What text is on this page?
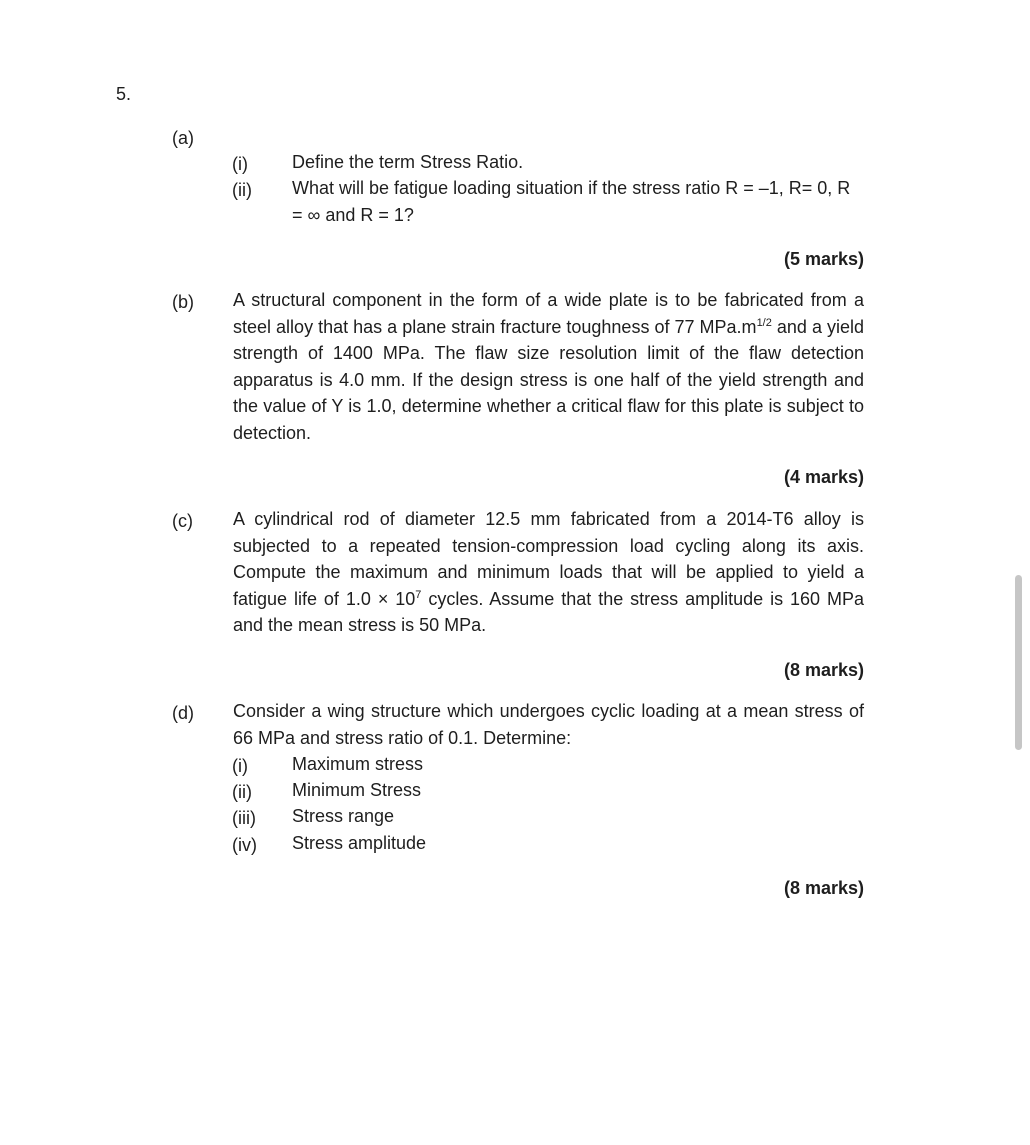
5.
(a)
(i) Define the term Stress Ratio.
(ii) What will be fatigue loading situation if the stress ratio R = –1, R= 0, R = ∞ and R = 1?
(5 marks)
(b) A structural component in the form of a wide plate is to be fabricated from a steel alloy that has a plane strain fracture toughness of 77 $MPa.m^{1/2}$ and a yield strength of 1400 MPa. The flaw size resolution limit of the flaw detection apparatus is 4.0 mm. If the design stress is one half of the yield strength and the value of Y is 1.0, determine whether a critical flaw for this plate is subject to detection.
(4 marks)
(c) A cylindrical rod of diameter 12.5 mm fabricated from a 2014-T6 alloy is subjected to a repeated tension-compression load cycling along its axis. Compute the maximum and minimum loads that will be applied to yield a fatigue life of $1.0 \times 10^7$ cycles. Assume that the stress amplitude is 160 MPa and the mean stress is 50 MPa.
(8 marks)
(d) Consider a wing structure which undergoes cyclic loading at a mean stress of 66 MPa and stress ratio of 0.1. Determine:
(i) Maximum stress
(ii) Minimum Stress
(iii) Stress range
(iv) Stress amplitude
(8 marks)
